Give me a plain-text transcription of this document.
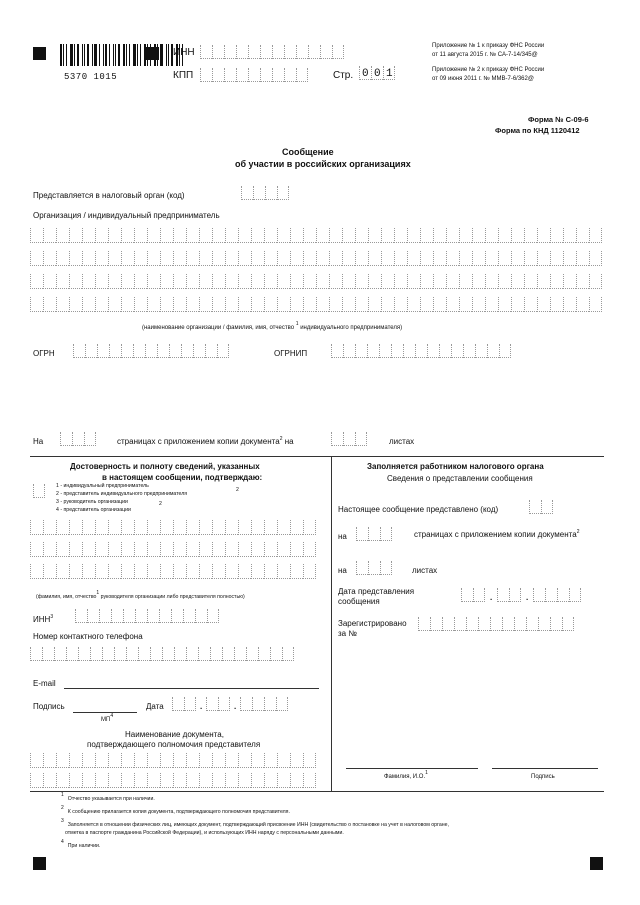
5370 1015
ИНН
КПП	Стр. 0 0 1
Приложение № 1 к приказу ФНС России
от 11 августа 2015 г. № СА-7-14/345@
Приложение № 2 к приказу ФНС России
от 09 июня 2011 г. № ММВ-7-6/362@
Форма № С-09-6
Форма по КНД 1120412
Сообщение
об участии в российских организациях
Представляется в налоговый орган (код)
Организация / индивидуальный предприниматель
(наименование организации / фамилия, имя, отчество $^1$ индивидуального предпринимателя)
ОГРН	ОГРНИП
На	страницах с приложением копии документа$^2$ на	листах
Достоверность и полноту сведений, указанных
в настоящем сообщении, подтверждаю:
1 - индивидуальный предприниматель
2
2 - представитель индивидуального предпринимателя
3 - руководитель организации	2
4 - представитель организации
(фамилия, имя, отчество1 руководителя организации либо представителя полностью)
ИНН$^3$
Номер контактного телефона
E-mail
Подпись	Дата	.	.
$МП^4$
Наименование документа,
подтверждающего полномочия представителя
Заполняется работником налогового органа
Сведения о представлении сообщения
Настоящее сообщение представлено (код)
на	страницах с приложением копии документа$^2$
на	листах
Дата представления
сообщения	.	.
Зарегистрировано
за №
Фамилия, И.О.$^1$
Подпись
1Отчество указывается при наличии.
2К сообщению прилагается копия документа, подтверждающего полномочия представителя.
3Заполняется в отношении физических лиц, имеющих документ, подтверждающий присвоение ИНН (свидетельство о постановке на учет в налоговом органе,
отметка в паспорте гражданина Российской Федерации), и использующих ИНН наряду с персональными данными.
4При наличии.
